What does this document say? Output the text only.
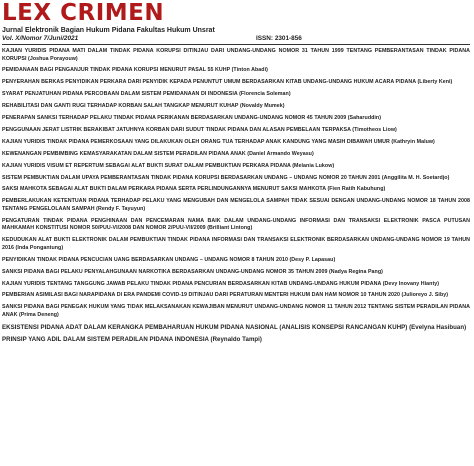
LEX CRIMEN

Jurnal Elektronik Bagian Hukum Pidana Fakultas Hukum Unsrat

Vol. X/Nomor 7/Juni/2021	ISSN: 2301-856
KAJIAN YURIDIS PIDANA MATI DALAM TINDAK PIDANA KORUPSI DITINJAU DARI UNDANG-UNDANG NOMOR 31 TAHUN 1999 TENTANG PEMBERANTASAN TINDAK PIDANA KORUPSI (Joshua Porayouw)
PEMIDANAAN BAGI PENGANJUR TINDAK PIDANA KORUPSI MENURUT PASAL 55 KUHP (Tinton Abadi)
PENYERAHAN BERKAS PENYIDIKAN PERKARA DARI PENYIDIK KEPADA PENUNTUT UMUM BERDASARKAN KITAB UNDANG-UNDANG HUKUM ACARA PIDANA (Liberty Keni)
SYARAT PENJATUHAN PIDANA PERCOBAAN DALAM SISTEM PEMIDANAAN DI INDONESIA (Florencia Soleman)
REHABILITASI DAN GANTI RUGI TERHADAP KORBAN SALAH TANGKAP MENURUT KUHAP (Novaldy Mumek)
PENERAPAN SANKSI TERHADAP PELAKU TINDAK PIDANA PERIKANAN BERDASARKAN UNDANG-UNDANG NOMOR 45 TAHUN 2009 (Saharuddin)
PENGGUNAAN JERAT LISTRIK BERAKIBAT JATUHNYA KORBAN DARI SUDUT TINDAK PIDANA DAN ALASAN PEMBELAAN TERPAKSA (Timotheos Liow)
KAJIAN YURIDIS TINDAK PIDANA PEMERKOSAAN YANG DILAKUKAN OLEH ORANG TUA TERHADAP ANAK KANDUNG YANG MASIH DIBAWAH UMUR (Kathryin Maluw)
KEWENANGAN PEMBIMBING KEMASYARAKATAN DALAM SISTEM PERADILAN PIDANA ANAK (Daniel Armando Weyasu)
KAJIAN YURIDIS VISUM ET REPERTUM SEBAGAI ALAT BUKTI SURAT DALAM PEMBUKTIAN PERKARA PIDANA (Melania Lukow)
SISTEM PEMBUKTIAN DALAM UPAYA PEMBERANTASAN TINDAK PIDANA KORUPSI BERDASARKAN UNDANG – UNDANG NOMOR 20 TAHUN 2001 (Anggilita M. H. Soetardjo)
SAKSI MAHKOTA SEBAGAI ALAT BUKTI DALAM PERKARA PIDANA SERTA PERLINDUNGANNYA MENURUT SAKSI MAHKOTA (Fien Ratih Kabuhung)
PEMBERLAKUKAN KETENTUAN PIDANA TERHADAP PELAKU YANG MENGUBAH DAN MENGELOLA SAMPAH TIDAK SESUAI DENGAN UNDANG-UNDANG NOMOR 18 TAHUN 2008 TENTANG PENGELOLAAN SAMPAH (Rendy F. Tayuyun)
PENGATURAN TINDAK PIDANA PENGHINAAN DAN PENCEMARAN NAMA BAIK DALAM UNDANG-UNDANG INFORMASI DAN TRANSAKSI ELEKTRONIK PASCA PUTUSAN MAHKAMAH KONSTITUSI NOMOR 50/PUU-VI/2008 DAN NOMOR 2/PUU-VII/2009 (Brilliant Lintong)
KEDUDUKAN ALAT BUKTI ELEKTRONIK DALAM PEMBUKTIAN TINDAK PIDANA INFORMASI DAN TRANSAKSI ELEKTRONIK BERDASARKAN UNDANG-UNDANG NOMOR 19 TAHUN 2016 (Inda Pongantung)
PENYIDIKAN TINDAK PIDANA PENCUCIAN UANG BERDASARKAN UNDANG – UNDANG NOMOR 8 TAHUN 2010 (Desy P. Lapasau)
SANKSI PIDANA BAGI PELAKU PENYALAHGUNAAN NARKOTIKA BERDASARKAN UNDANG-UNDANG NOMOR 35 TAHUN 2009 (Nadya Regina Pang)
KAJIAN YURIDIS TENTANG TANGGUNG JAWAB PELAKU TINDAK PIDANA PENCURIAN BERDASARKAN KITAB UNDANG-UNDANG HUKUM PIDANA (Devy Inovany Hianty)
PEMBERIAN ASIMILASI BAGI NARAPIDANA DI ERA PANDEMI COVID-19 DITINJAU DARI PERATURAN MENTERI HUKUM DAN HAM NOMOR 10 TAHUN 2020 (Julioreyo J. Siby)
SANKSI PIDANA BAGI PENEGAK HUKUM YANG TIDAK MELAKSANAKAN KEWAJIBAN MENURUT UNDANG-UNDANG NOMOR 11 TAHUN 2012 TENTANG SISTEM PERADILAN PIDANA ANAK (Prima Deneng)
EKSISTENSI PIDANA ADAT DALAM KERANGKA PEMBAHARUAN HUKUM PIDANA NASIONAL (ANALISIS KONSEPSI RANCANGAN KUHP) (Evelyna Hasibuan)
PRINSIP YANG ADIL DALAM SISTEM PERADILAN PIDANA INDONESIA (Reynaldo Tampi)
